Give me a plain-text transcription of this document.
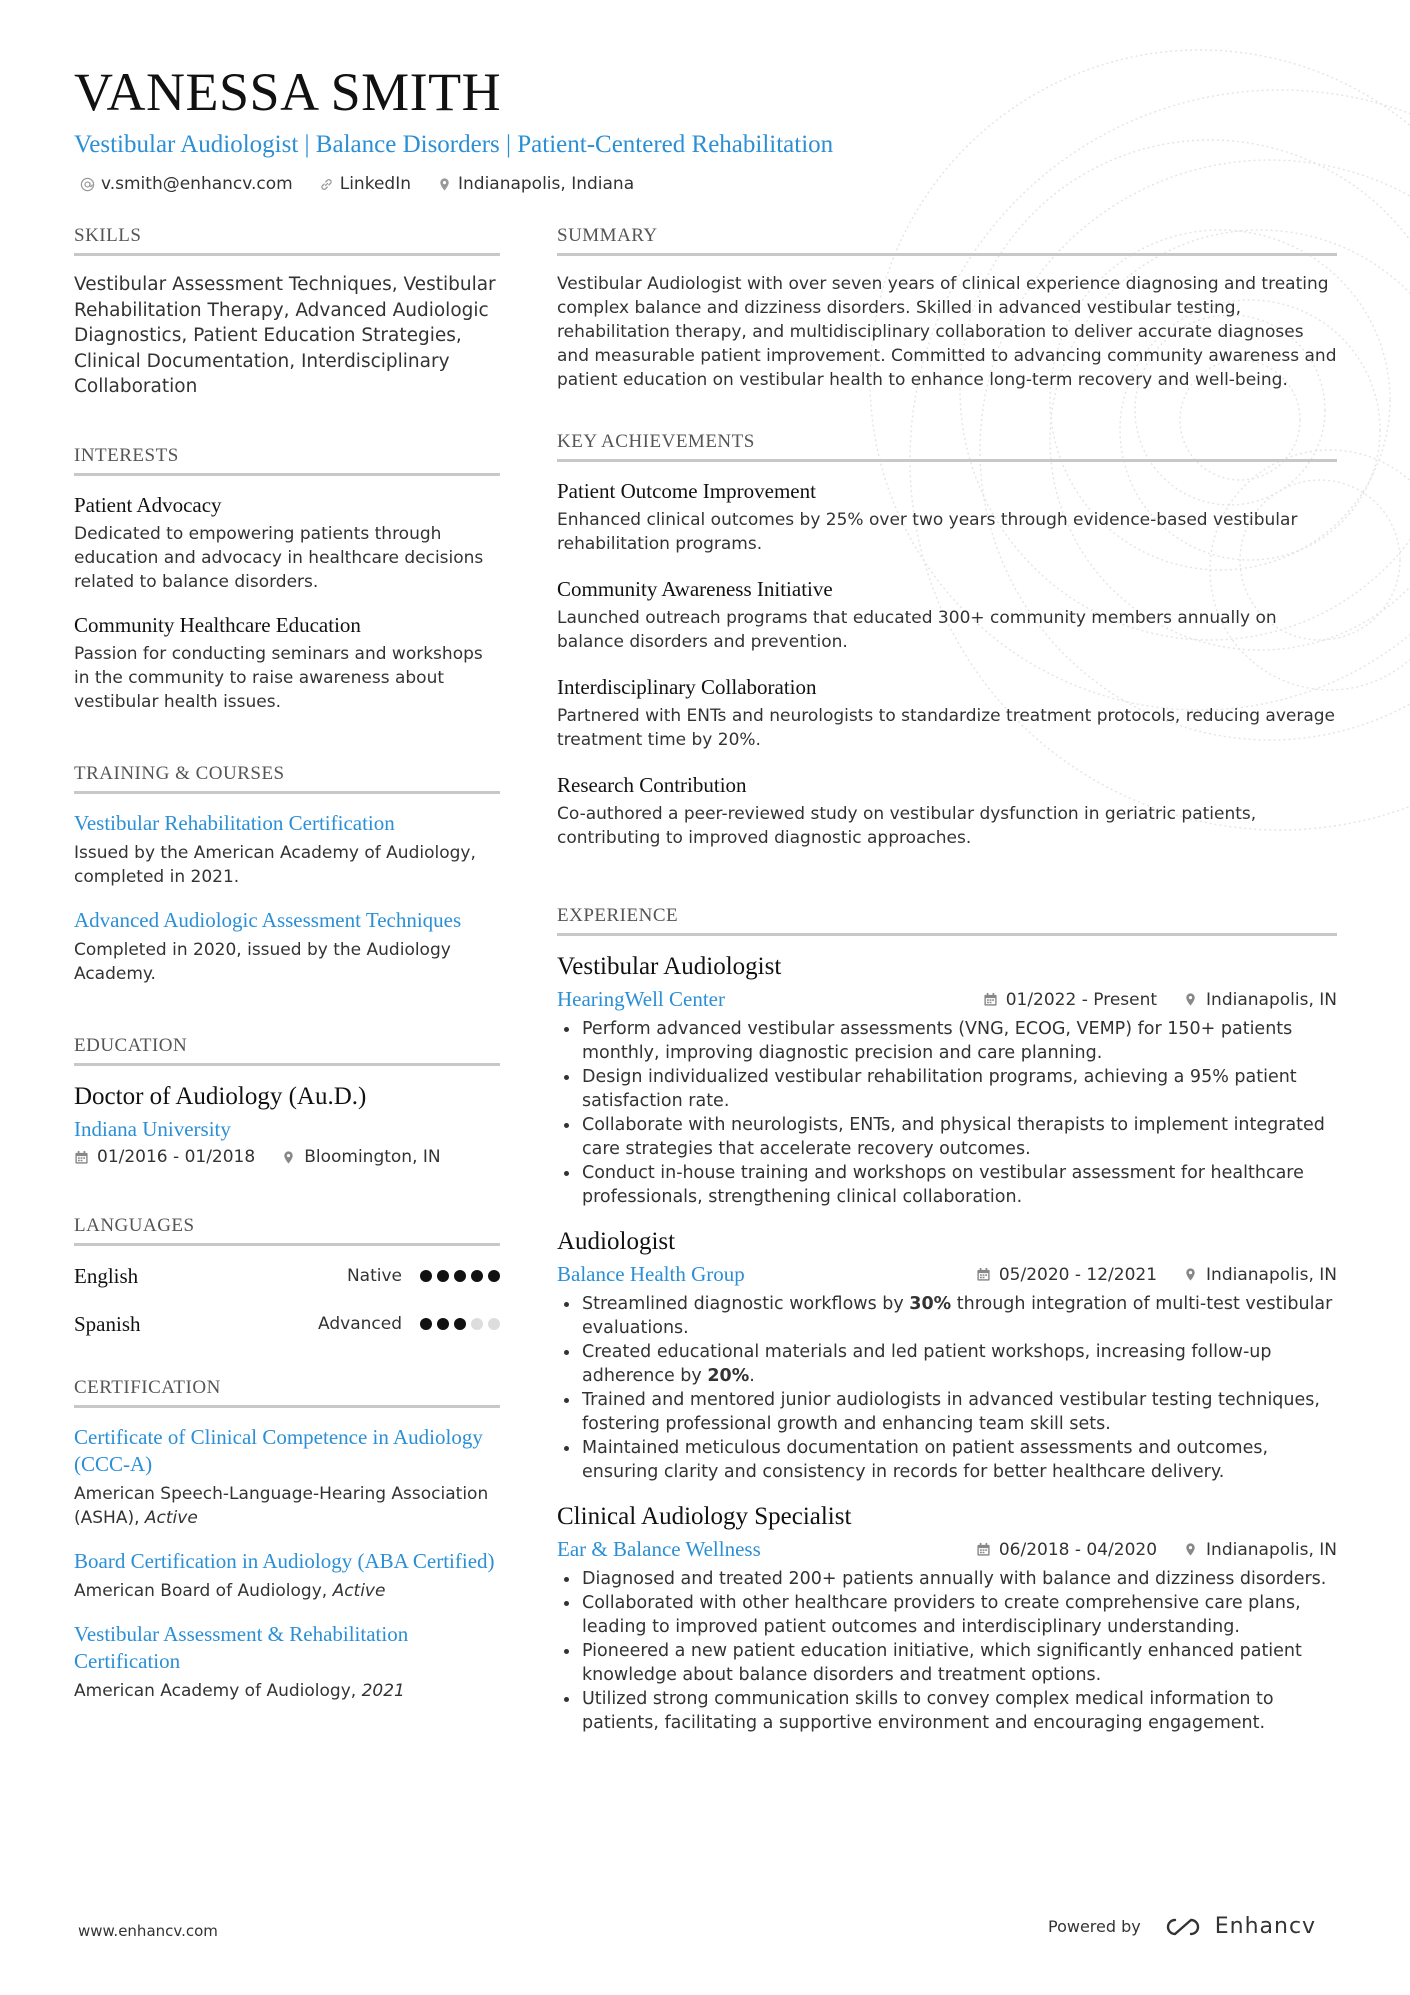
VANESSA SMITH
Vestibular Audiologist | Balance Disorders | Patient-Centered Rehabilitation
v.smith@enhancv.com	LinkedIn	Indianapolis, Indiana
SKILLS
Vestibular Assessment Techniques, Vestibular Rehabilitation Therapy, Advanced Audiologic Diagnostics, Patient Education Strategies, Clinical Documentation, Interdisciplinary Collaboration
INTERESTS
Patient Advocacy
Dedicated to empowering patients through education and advocacy in healthcare decisions related to balance disorders.
Community Healthcare Education
Passion for conducting seminars and workshops in the community to raise awareness about vestibular health issues.
TRAINING & COURSES
Vestibular Rehabilitation Certification
Issued by the American Academy of Audiology, completed in 2021.
Advanced Audiologic Assessment Techniques
Completed in 2020, issued by the Audiology Academy.
EDUCATION
Doctor of Audiology (Au.D.)
Indiana University
01/2016 - 01/2018	Bloomington, IN
LANGUAGES
English	Native
Spanish	Advanced
CERTIFICATION
Certificate of Clinical Competence in Audiology (CCC-A)
American Speech-Language-Hearing Association (ASHA), Active
Board Certification in Audiology (ABA Certified)
American Board of Audiology, Active
Vestibular Assessment & Rehabilitation Certification
American Academy of Audiology, 2021
SUMMARY
Vestibular Audiologist with over seven years of clinical experience diagnosing and treating complex balance and dizziness disorders. Skilled in advanced vestibular testing, rehabilitation therapy, and multidisciplinary collaboration to deliver accurate diagnoses and measurable patient improvement. Committed to advancing community awareness and patient education on vestibular health to enhance long-term recovery and well-being.
KEY ACHIEVEMENTS
Patient Outcome Improvement
Enhanced clinical outcomes by 25% over two years through evidence-based vestibular rehabilitation programs.
Community Awareness Initiative
Launched outreach programs that educated 300+ community members annually on balance disorders and prevention.
Interdisciplinary Collaboration
Partnered with ENTs and neurologists to standardize treatment protocols, reducing average treatment time by 20%.
Research Contribution
Co-authored a peer-reviewed study on vestibular dysfunction in geriatric patients, contributing to improved diagnostic approaches.
EXPERIENCE
Vestibular Audiologist
HearingWell Center	01/2022 - Present	Indianapolis, IN
Perform advanced vestibular assessments (VNG, ECOG, VEMP) for 150+ patients monthly, improving diagnostic precision and care planning.
Design individualized vestibular rehabilitation programs, achieving a 95% patient satisfaction rate.
Collaborate with neurologists, ENTs, and physical therapists to implement integrated care strategies that accelerate recovery outcomes.
Conduct in-house training and workshops on vestibular assessment for healthcare professionals, strengthening clinical collaboration.
Audiologist
Balance Health Group	05/2020 - 12/2021	Indianapolis, IN
Streamlined diagnostic workflows by 30% through integration of multi-test vestibular evaluations.
Created educational materials and led patient workshops, increasing follow-up adherence by 20%.
Trained and mentored junior audiologists in advanced vestibular testing techniques, fostering professional growth and enhancing team skill sets.
Maintained meticulous documentation on patient assessments and outcomes, ensuring clarity and consistency in records for better healthcare delivery.
Clinical Audiology Specialist
Ear & Balance Wellness	06/2018 - 04/2020	Indianapolis, IN
Diagnosed and treated 200+ patients annually with balance and dizziness disorders.
Collaborated with other healthcare providers to create comprehensive care plans, leading to improved patient outcomes and interdisciplinary understanding.
Pioneered a new patient education initiative, which significantly enhanced patient knowledge about balance disorders and treatment options.
Utilized strong communication skills to convey complex medical information to patients, facilitating a supportive environment and encouraging engagement.
www.enhancv.com	Powered by	Enhancv
